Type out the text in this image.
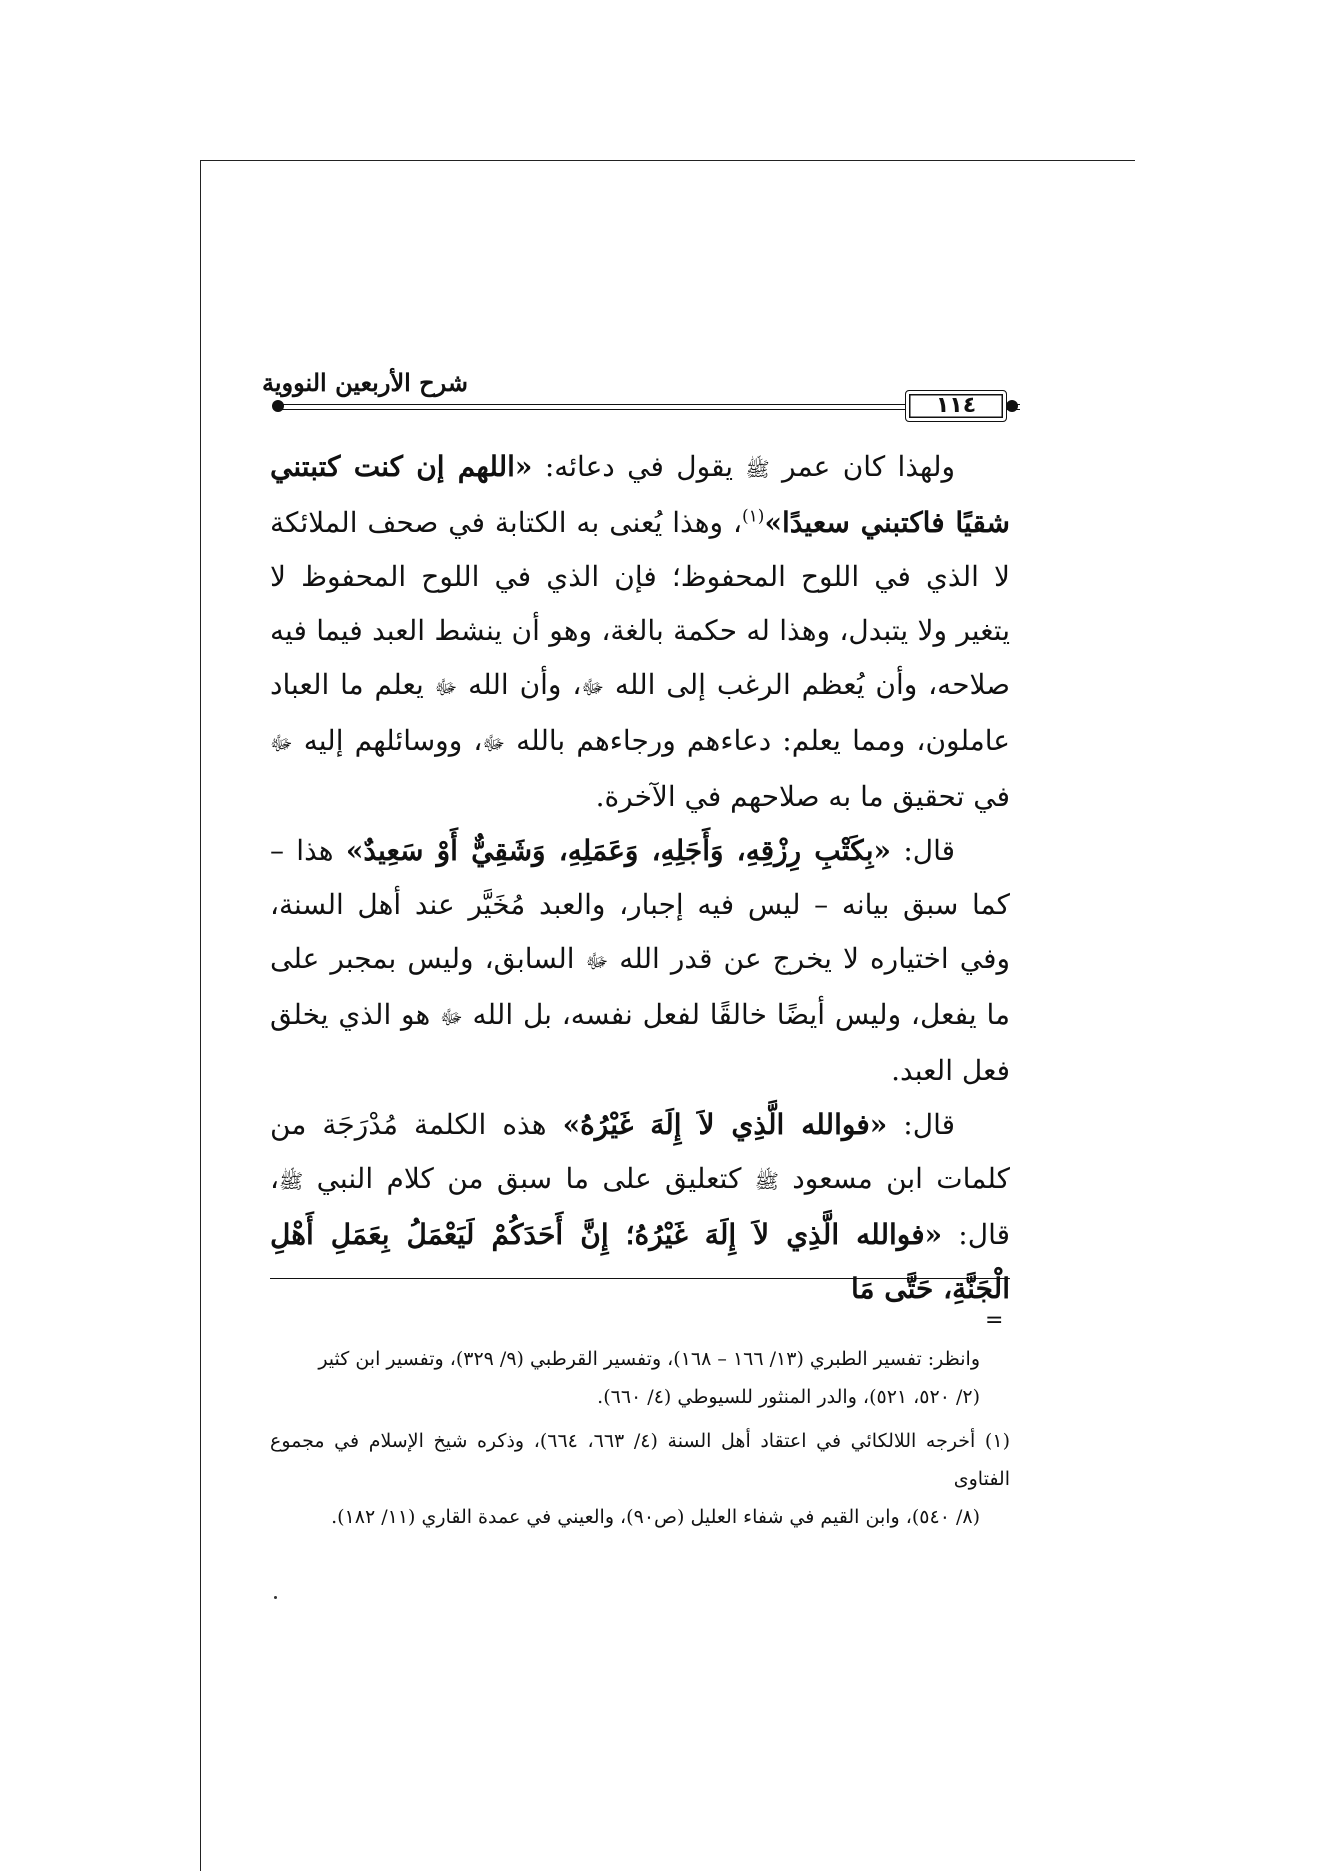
شرح الأربعين النووية
١١٤

ولهذا كان عمر ﷺ يقول في دعائه: «اللهم إن كنت كتبتني شقيًا فاكتبني سعيدًا»$^{(١)}$، وهذا يُعنى به الكتابة في صحف الملائكة لا الذي في اللوح المحفوظ؛ فإن الذي في اللوح المحفوظ لا يتغير ولا يتبدل، وهذا له حكمة بالغة، وهو أن ينشط العبد فيما فيه صلاحه، وأن يُعظم الرغب إلى الله ﷻ، وأن الله ﷻ يعلم ما العباد عاملون، ومما يعلم: دعاءهم ورجاءهم بالله ﷻ، ووسائلهم إليه ﷻ في تحقيق ما به صلاحهم في الآخرة.

قال: «بِكَتْبِ رِزْقِهِ، وَأَجَلِهِ، وَعَمَلِهِ، وَشَقِيٌّ أَوْ سَعِيدٌ» هذا – كما سبق بيانه – ليس فيه إجبار، والعبد مُخَيَّر عند أهل السنة، وفي اختياره لا يخرج عن قدر الله ﷻ السابق، وليس بمجبر على ما يفعل، وليس أيضًا خالقًا لفعل نفسه، بل الله ﷻ هو الذي يخلق فعل العبد.

قال: «فوالله الَّذِي لاَ إِلَهَ غَيْرُهُ» هذه الكلمة مُدْرَجَة من كلمات ابن مسعود ﷺ كتعليق على ما سبق من كلام النبي ﷺ، قال: «فوالله الَّذِي لاَ إِلَهَ غَيْرُهُ؛ إِنَّ أَحَدَكُمْ لَيَعْمَلُ بِعَمَلِ أَهْلِ الْجَنَّةِ، حَتَّى مَا

=

وانظر: تفسير الطبري (١٣/ ١٦٦ – ١٦٨)، وتفسير القرطبي (٩/ ٣٢٩)، وتفسير ابن كثير
(٢/ ٥٢٠، ٥٢١)، والدر المنثور للسيوطي (٤/ ٦٦٠).

(١) أخرجه اللالكائي في اعتقاد أهل السنة (٤/ ٦٦٣، ٦٦٤)، وذكره شيخ الإسلام في مجموع الفتاوى
(٨/ ٥٤٠)، وابن القيم في شفاء العليل (ص٩٠)، والعيني في عمدة القاري (١١/ ١٨٢).
